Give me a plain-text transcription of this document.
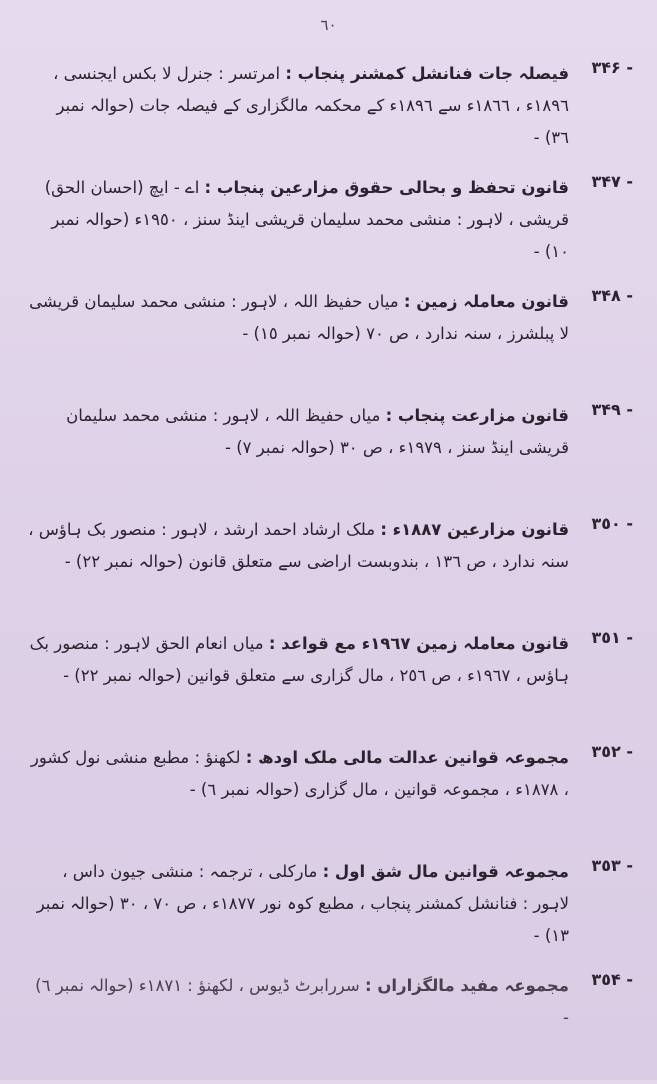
٦٠
٣۴۶ -
فیصلہ جات فنانشل کمشنر پنجاب : امرتسر : جنرل لا بکس ایجنسی ، ١٨٩٦ء ، ١٨٦٦ء سے ١٨٩٦ء کے محکمہ مالگزاری کے فیصلہ جات (حوالہ نمبر ٣٦) -
٣۴٧ -
قانون تحفظ و بحالی حقوق مزارعین پنجاب : اے - ایچ (احسان الحق) قریشی ، لاہور : منشی محمد سلیمان قریشی اینڈ سنز ، ١٩٥٠ء (حوالہ نمبر ١٠) -
٣۴٨ -
قانون معاملہ زمین : میاں حفیظ اللہ ، لاہور : منشی محمد سلیمان قریشی لا پبلشرز ، سنہ ندارد ، ص ٧٠ (حوالہ نمبر ١٥) -
٣۴٩ -
قانون مزارعت پنجاب : میاں حفیظ اللہ ، لاہور : منشی محمد سلیمان قریشی اینڈ سنز ، ١٩٧٩ء ، ص ٣٠ (حوالہ نمبر ٧) -
٣٥٠ -
قانون مزارعین ١٨٨٧ء : ملک ارشاد احمد ارشد ، لاہور : منصور بک ہاؤس ، سنہ ندارد ، ص ١٣٦ ، بندوبست اراضی سے متعلق قانون (حوالہ نمبر ٢٢) -
٣٥١ -
قانون معاملہ زمین ١٩٦٧ء مع قواعد : میاں انعام الحق لاہور : منصور بک ہاؤس ، ١٩٦٧ء ، ص ٢٥٦ ، مال گزاری سے متعلق قوانین (حوالہ نمبر ٢٢) -
٣٥٢ -
مجموعہ قوانین عدالت مالی ملک اودھ : لکھنؤ : مطبع منشی نول کشور ، ١٨٧٨ء ، مجموعہ قوانین ، مال گزاری (حوالہ نمبر ٦) -
٣٥٣ -
مجموعہ قوانین مال شق اول : مارکلی ، ترجمہ : منشی جیون داس ، لاہور : فنانشل کمشنر پنجاب ، مطبع کوہ نور ١٨٧٧ء ، ص ٧٠ ، ٣٠ (حوالہ نمبر ١٣) -
٣٥۴ -
مجموعہ مفید مالگزاراں : سررابرٹ ڈیوس ، لکھنؤ : ١٨٧١ء (حوالہ نمبر ٦) -
